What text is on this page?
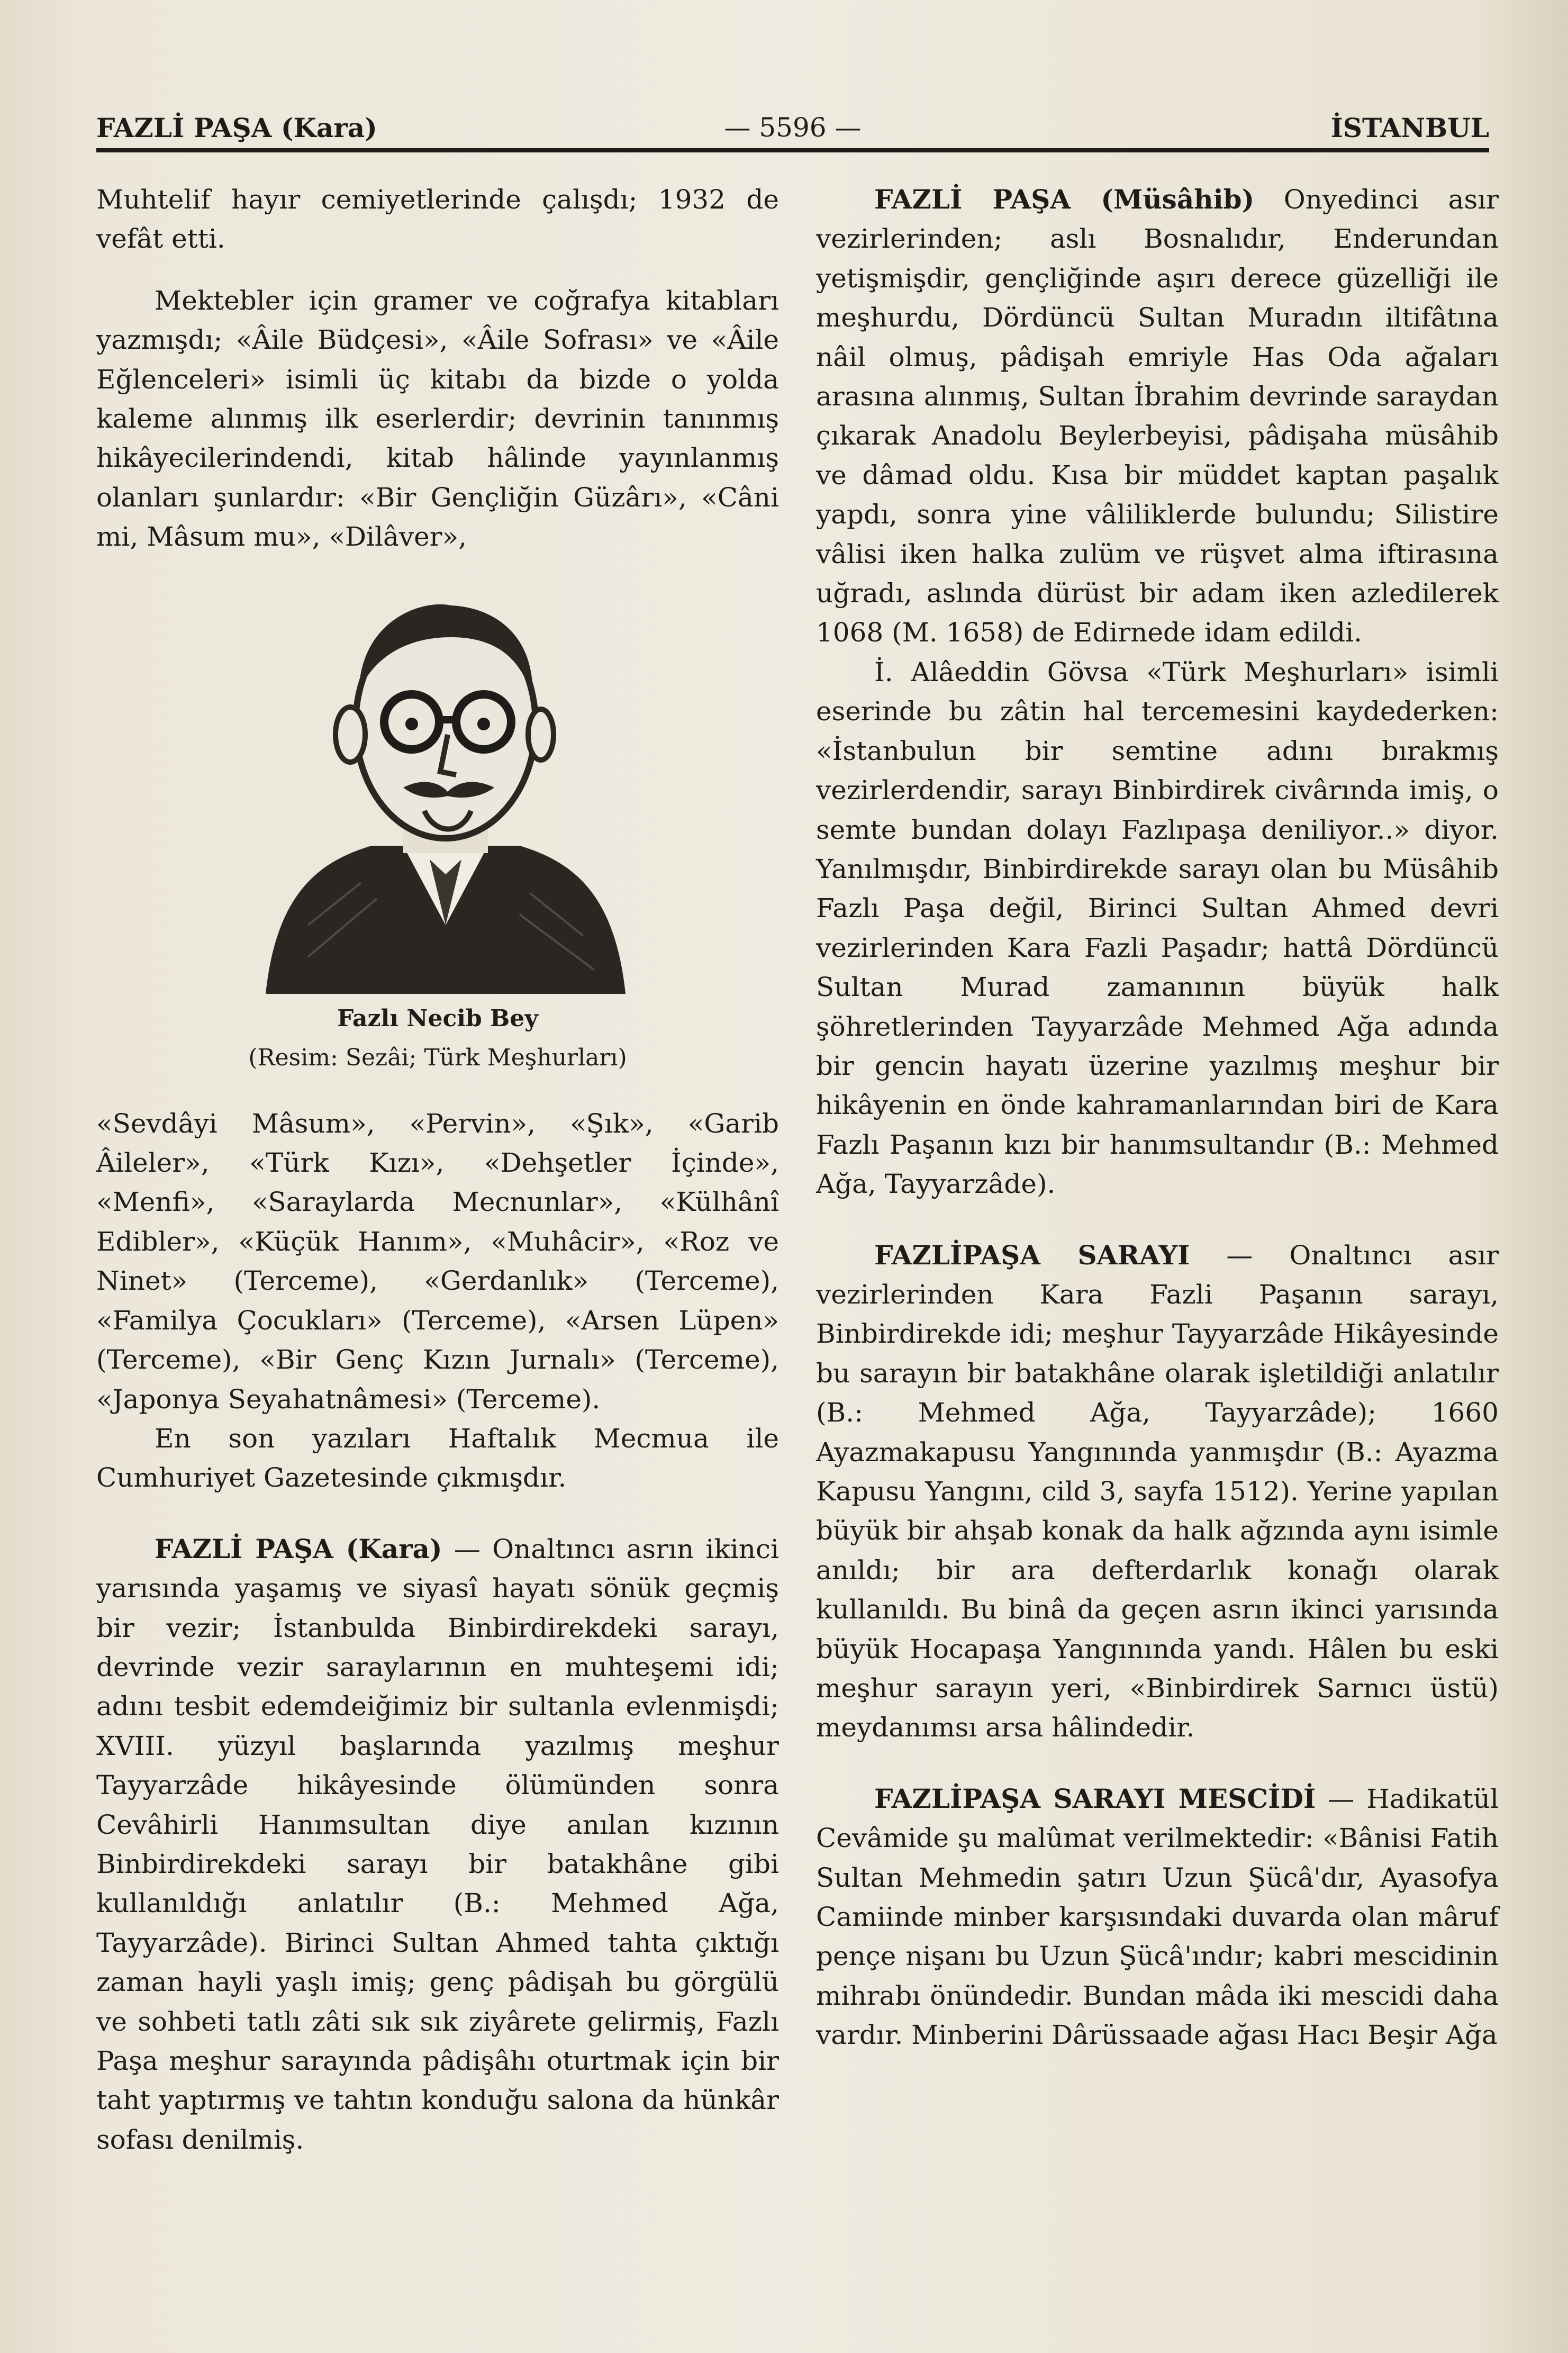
FAZLİ PAŞA (Kara)	— 5596 —	İSTANBUL

Muhtelif hayır cemiyetlerinde çalışdı; 1932 de vefât etti.

Mektebler için gramer ve coğrafya kitabları yazmışdı; «Âile Büdçesi», «Âile Sofrası» ve «Âile Eğlenceleri» isimli üç kitabı da bizde o yolda kaleme alınmış ilk eserlerdir; devrinin tanınmış hikâyecilerindendi, kitab hâlinde yayınlanmış olanları şunlardır: «Bir Gençliğin Güzârı», «Câni mi, Mâsum mu», «Dilâver»,

Fazlı Necib Bey

(Resim: Sezâi; Türk Meşhurları)

«Sevdâyi Mâsum», «Pervin», «Şık», «Garib Âileler», «Türk Kızı», «Dehşetler İçinde», «Menfi», «Saraylarda Mecnunlar», «Külhânî Edibler», «Küçük Hanım», «Muhâcir», «Roz ve Ninet» (Terceme), «Gerdanlık» (Terceme), «Familya Çocukları» (Terceme), «Arsen Lüpen» (Terceme), «Bir Genç Kızın Jurnalı» (Terceme), «Japonya Seyahatnâmesi» (Terceme).

En son yazıları Haftalık Mecmua ile Cumhuriyet Gazetesinde çıkmışdır.

FAZLİ PAŞA (Kara) — Onaltıncı asrın ikinci yarısında yaşamış ve siyasî hayatı sönük geçmiş bir vezir; İstanbulda Binbirdirekdeki sarayı, devrinde vezir saraylarının en muhteşemi idi; adını tesbit edemdeiğimiz bir sultanla evlenmişdi; XVIII. yüzyıl başlarında yazılmış meşhur Tayyarzâde hikâyesinde ölümünden sonra Cevâhirli Hanımsultan diye anılan kızının Binbirdirekdeki sarayı bir batakhâne gibi kullanıldığı anlatılır (B.: Mehmed Ağa, Tayyarzâde). Birinci Sultan Ahmed tahta çıktığı zaman hayli yaşlı imiş; genç pâdişah bu görgülü ve sohbeti tatlı zâti sık sık ziyârete gelirmiş, Fazlı Paşa meşhur sarayında pâdişâhı oturtmak için bir taht yaptırmış ve tahtın konduğu salona da hünkâr sofası denilmiş.

FAZLİ PAŞA (Müsâhib) Onyedinci asır vezirlerinden; aslı Bosnalıdır, Enderundan yetişmişdir, gençliğinde aşırı derece güzelliği ile meşhurdu, Dördüncü Sultan Muradın iltifâtına nâil olmuş, pâdişah emriyle Has Oda ağaları arasına alınmış, Sultan İbrahim devrinde saraydan çıkarak Anadolu Beylerbeyisi, pâdişaha müsâhib ve dâmad oldu. Kısa bir müddet kaptan paşalık yapdı, sonra yine vâliliklerde bulundu; Silistire vâlisi iken halka zulüm ve rüşvet alma iftirasına uğradı, aslında dürüst bir adam iken azledilerek 1068 (M. 1658) de Edirnede idam edildi.

İ. Alâeddin Gövsa «Türk Meşhurları» isimli eserinde bu zâtin hal tercemesini kaydederken: «İstanbulun bir semtine adını bırakmış vezirlerdendir, sarayı Binbirdirek civârında imiş, o semte bundan dolayı Fazlıpaşa deniliyor..» diyor. Yanılmışdır, Binbirdirekde sarayı olan bu Müsâhib Fazlı Paşa değil, Birinci Sultan Ahmed devri vezirlerinden Kara Fazli Paşadır; hattâ Dördüncü Sultan Murad zamanının büyük halk şöhretlerinden Tayyarzâde Mehmed Ağa adında bir gencin hayatı üzerine yazılmış meşhur bir hikâyenin en önde kahramanlarından biri de Kara Fazlı Paşanın kızı bir hanımsultandır (B.: Mehmed Ağa, Tayyarzâde).

FAZLİPAŞA SARAYI — Onaltıncı asır vezirlerinden Kara Fazli Paşanın sarayı, Binbirdirekde idi; meşhur Tayyarzâde Hikâyesinde bu sarayın bir batakhâne olarak işletildiği anlatılır (B.: Mehmed Ağa, Tayyarzâde); 1660 Ayazmakapusu Yangınında yanmışdır (B.: Ayazma Kapusu Yangını, cild 3, sayfa 1512). Yerine yapılan büyük bir ahşab konak da halk ağzında aynı isimle anıldı; bir ara defterdarlık konağı olarak kullanıldı. Bu binâ da geçen asrın ikinci yarısında büyük Hocapaşa Yangınında yandı. Hâlen bu eski meşhur sarayın yeri, «Binbirdirek Sarnıcı üstü) meydanımsı arsa hâlindedir.

FAZLİPAŞA SARAYI MESCİDİ — Hadikatül Cevâmide şu malûmat verilmektedir: «Bânisi Fatih Sultan Mehmedin şatırı Uzun Şücâ'dır, Ayasofya Camiinde minber karşısındaki duvarda olan mâruf pençe nişanı bu Uzun Şücâ'ındır; kabri mescidinin mihrabı önündedir. Bundan mâda iki mescidi daha vardır. Minberini Dârüssaade ağası Hacı Beşir Ağa
